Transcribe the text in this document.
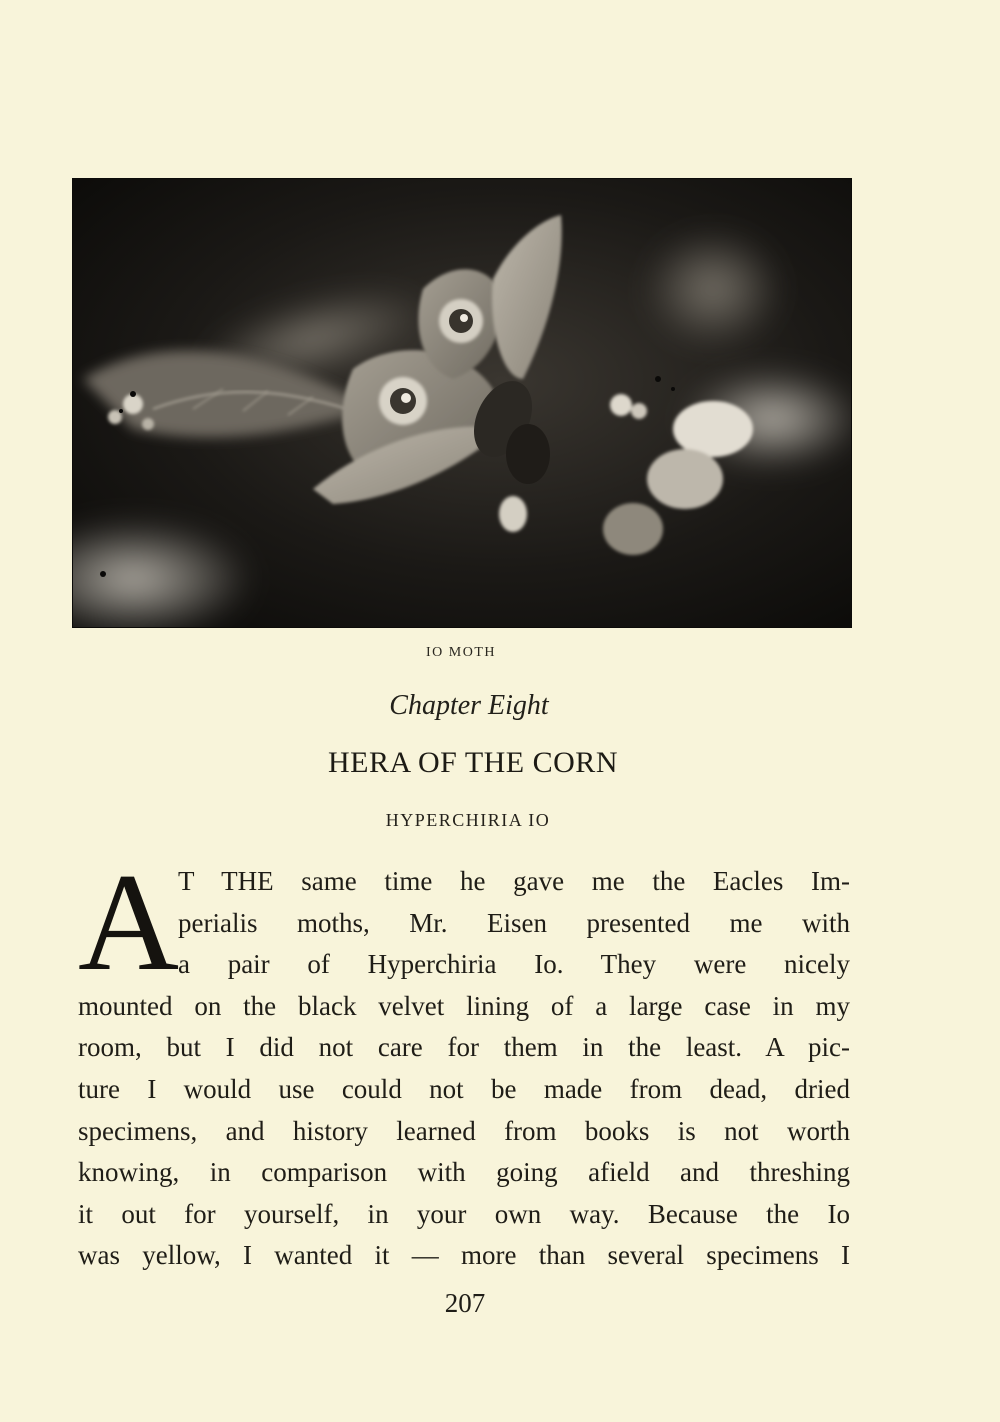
IO MOTH
Chapter Eight
HERA OF THE CORN
HYPERCHIRIA IO
A
T THE same time he gave me the Eacles Im-
perialis moths, Mr. Eisen presented me with
a pair of Hyperchiria Io. They were nicely
mounted on the black velvet lining of a large case in my
room, but I did not care for them in the least. A pic-
ture I would use could not be made from dead, dried
specimens, and history learned from books is not worth
knowing, in comparison with going afield and threshing
it out for yourself, in your own way. Because the Io
was yellow, I wanted it — more than several specimens I
207
